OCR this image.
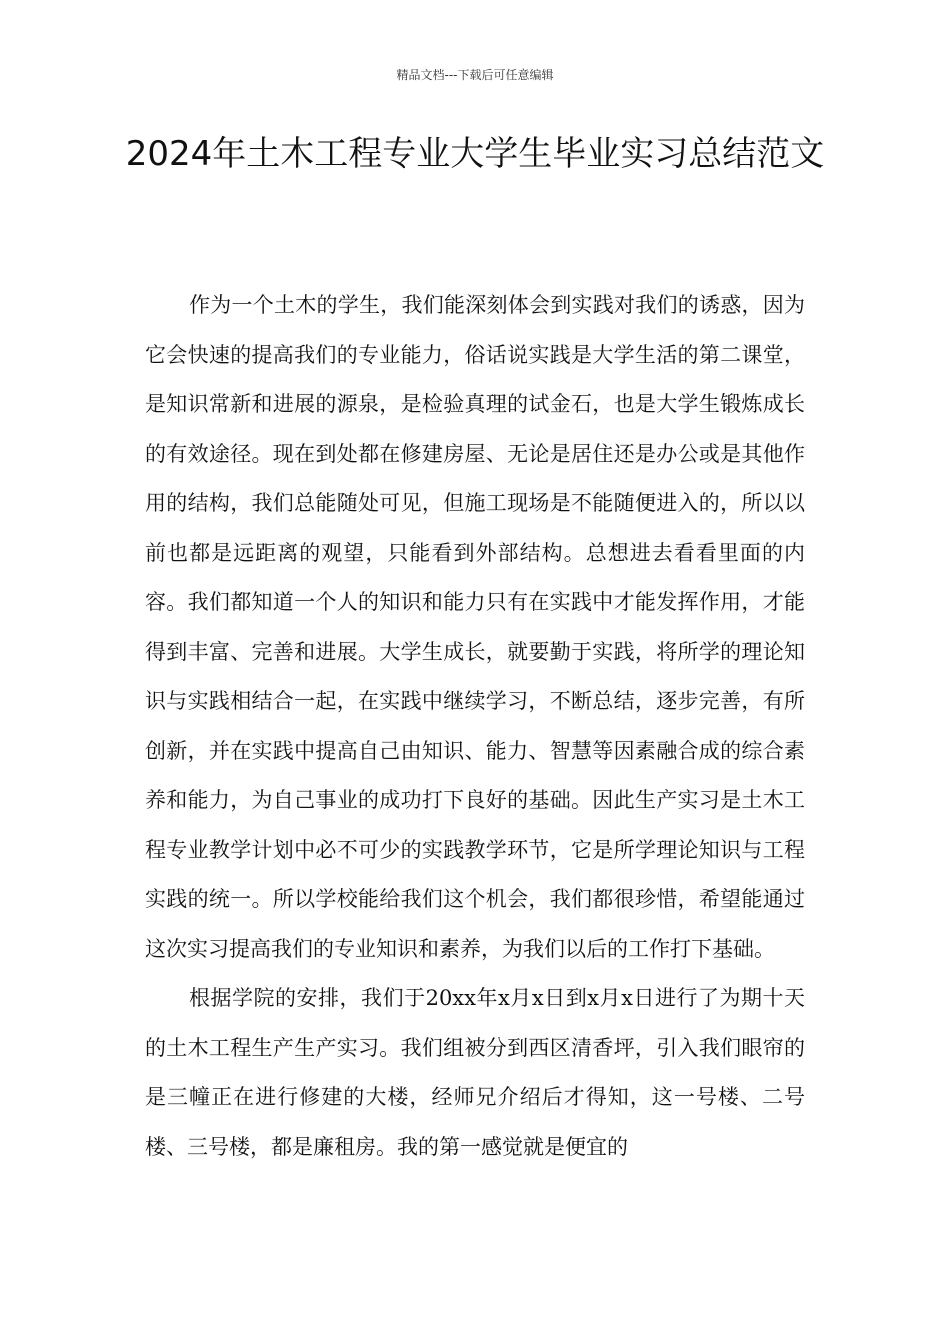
精品文档---下载后可任意编辑
2024年土木工程专业大学生毕业实习总结范文

作为一个土木的学生，我们能深刻体会到实践对我们的诱惑，因为它会快速的提高我们的专业能力，俗话说实践是大学生活的第二课堂，是知识常新和进展的源泉，是检验真理的试金石，也是大学生锻炼成长的有效途径。现在到处都在修建房屋、无论是居住还是办公或是其他作用的结构，我们总能随处可见，但施工现场是不能随便进入的，所以以前也都是远距离的观望，只能看到外部结构。总想进去看看里面的内容。我们都知道一个人的知识和能力只有在实践中才能发挥作用，才能得到丰富、完善和进展。大学生成长，就要勤于实践，将所学的理论知识与实践相结合一起，在实践中继续学习，不断总结，逐步完善，有所创新，并在实践中提高自己由知识、能力、智慧等因素融合成的综合素养和能力，为自己事业的成功打下良好的基础。因此生产实习是土木工程专业教学计划中必不可少的实践教学环节，它是所学理论知识与工程实践的统一。所以学校能给我们这个机会，我们都很珍惜，希望能通过这次实习提高我们的专业知识和素养，为我们以后的工作打下基础。

根据学院的安排，我们于20xx年x月x日到x月x日进行了为期十天的土木工程生产生产实习。我们组被分到西区清香坪，引入我们眼帘的是三幢正在进行修建的大楼，经师兄介绍后才得知，这一号楼、二号楼、三号楼，都是廉租房。我的第一感觉就是便宜的
